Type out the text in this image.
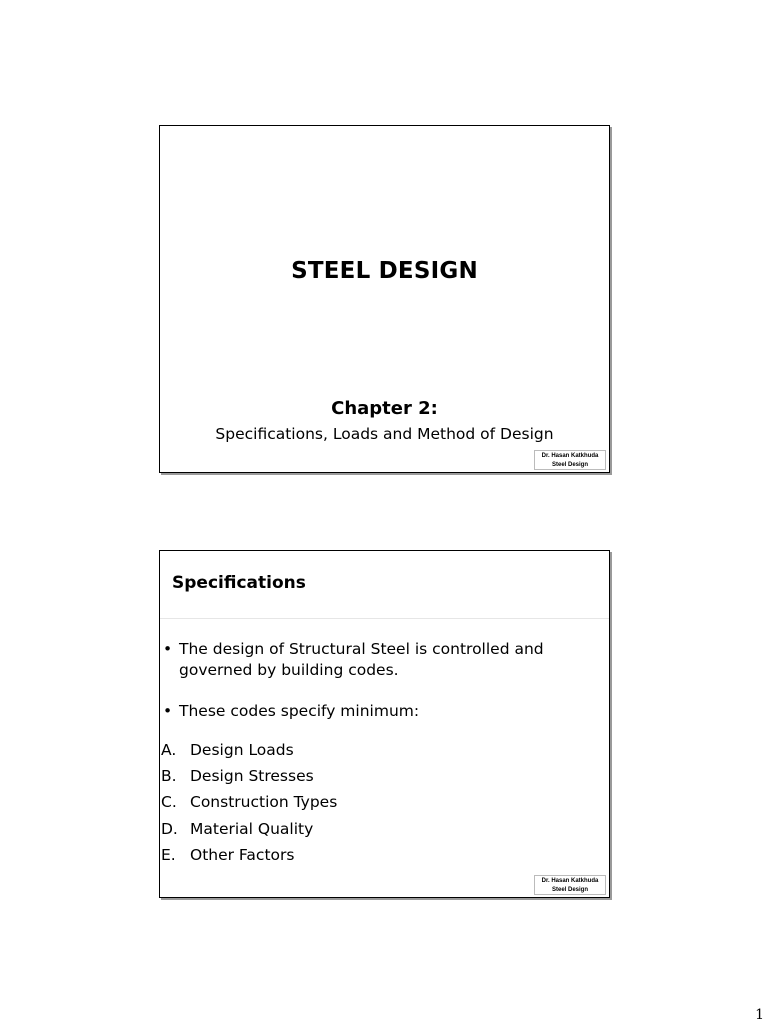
STEEL DESIGN
Chapter 2:
Specifications, Loads and Method of Design
Dr. Hasan Katkhuda
Steel Design
Specifications
• The design of Structural Steel is controlled and governed by building codes.
• These codes specify minimum:
A. Design Loads
B. Design Stresses
C. Construction Types
D. Material Quality
E. Other Factors
Dr. Hasan Katkhuda
Steel Design
1
